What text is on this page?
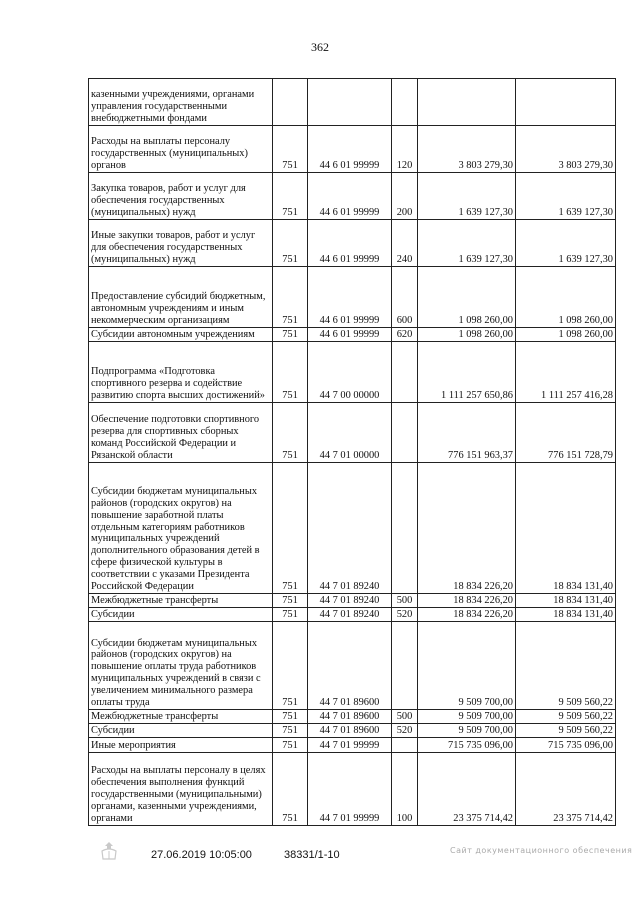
362
казенными учреждениями, органами управления государственными внебюджетными фондами					
Расходы на выплаты персоналу государственных (муниципальных) органов	751	44 6 01 99999	120	3 803 279,30	3 803 279,30
Закупка товаров, работ и услуг для обеспечения государственных (муниципальных) нужд	751	44 6 01 99999	200	1 639 127,30	1 639 127,30
Иные закупки товаров, работ и услуг для обеспечения государственных (муниципальных) нужд	751	44 6 01 99999	240	1 639 127,30	1 639 127,30
Предоставление субсидий бюджетным, автономным учреждениям и иным некоммерческим организациям	751	44 6 01 99999	600	1 098 260,00	1 098 260,00
Субсидии автономным учреждениям	751	44 6 01 99999	620	1 098 260,00	1 098 260,00
Подпрограмма «Подготовка спортивного резерва и содействие развитию спорта высших достижений»	751	44 7 00 00000		1 111 257 650,86	1 111 257 416,28
Обеспечение подготовки спортивного резерва для спортивных сборных команд Российской Федерации и Рязанской области	751	44 7 01 00000		776 151 963,37	776 151 728,79
Субсидии бюджетам муниципальных районов (городских округов) на повышение заработной платы отдельным категориям работников муниципальных учреждений дополнительного образования детей в сфере физической культуры в соответствии с указами Президента Российской Федерации	751	44 7 01 89240		18 834 226,20	18 834 131,40
Межбюджетные трансферты	751	44 7 01 89240	500	18 834 226,20	18 834 131,40
Субсидии	751	44 7 01 89240	520	18 834 226,20	18 834 131,40
Субсидии бюджетам муниципальных районов (городских округов) на повышение оплаты труда работников муниципальных учреждений в связи с увеличением минимального размера оплаты труда	751	44 7 01 89600		9 509 700,00	9 509 560,22
Межбюджетные трансферты	751	44 7 01 89600	500	9 509 700,00	9 509 560,22
Субсидии	751	44 7 01 89600	520	9 509 700,00	9 509 560,22
Иные мероприятия	751	44 7 01 99999		715 735 096,00	715 735 096,00
Расходы на выплаты персоналу в целях обеспечения выполнения функций государственными (муниципальными) органами, казенными учреждениями, органами	751	44 7 01 99999	100	23 375 714,42	23 375 714,42
27.06.2019 10:05:00	38331/1-10	Сайт документационного обеспечения
